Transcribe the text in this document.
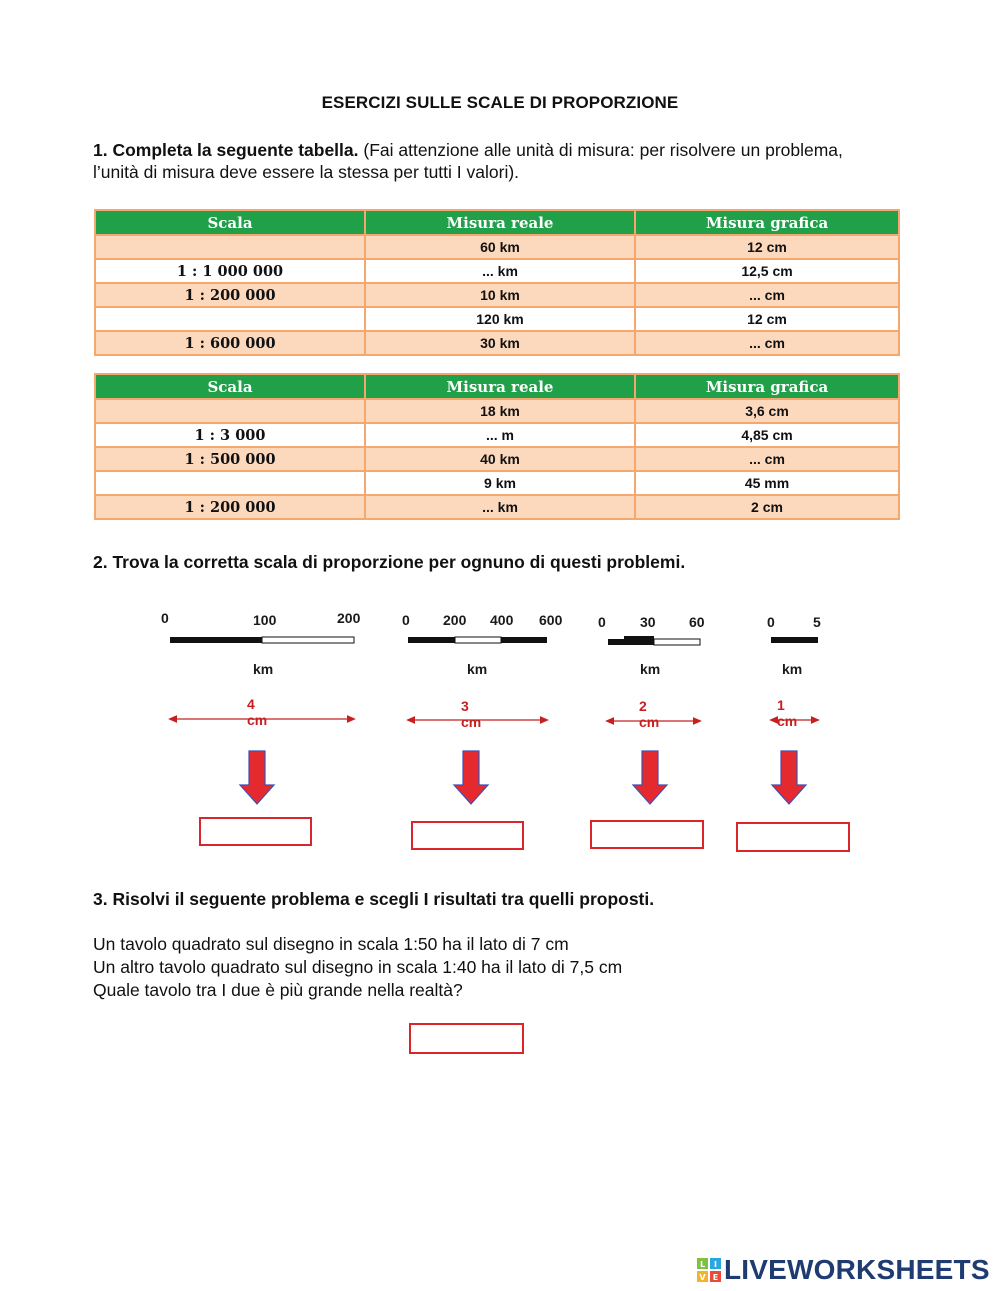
ESERCIZI SULLE SCALE DI PROPORZIONE
1. Completa la seguente tabella. (Fai attenzione alle unità di misura: per risolvere un problema, l’unità di misura deve essere la stessa per tutti I valori).
Scala	Misura reale	Misura grafica
	60 km	12 cm
1 : 1 000 000	... km	12,5 cm
1 : 200 000	10 km	... cm
	120 km	12 cm
1 : 600 000	30 km	... cm
Scala	Misura reale	Misura grafica
	18 km	3,6 cm
1 : 3 000	... m	4,85 cm
1 : 500 000	40 km	... cm
	9 km	45 mm
1 : 200 000	... km	2 cm
2. Trova la corretta scala di proporzione per ognuno di questi problemi.
0	100	200
km
4 cm
0 200 400 600
km
3 cm
0 30 60
km
2 cm
0	5
km
1 cm
3. Risolvi il seguente problema e scegli I risultati tra quelli proposti.
Un tavolo quadrato sul disegno in scala 1:50 ha il lato di 7 cm
Un altro tavolo quadrato sul disegno in scala 1:40 ha il lato di 7,5 cm
Quale tavolo tra I due è più grande nella realtà?
L I
V E LIVEWORKSHEETS
